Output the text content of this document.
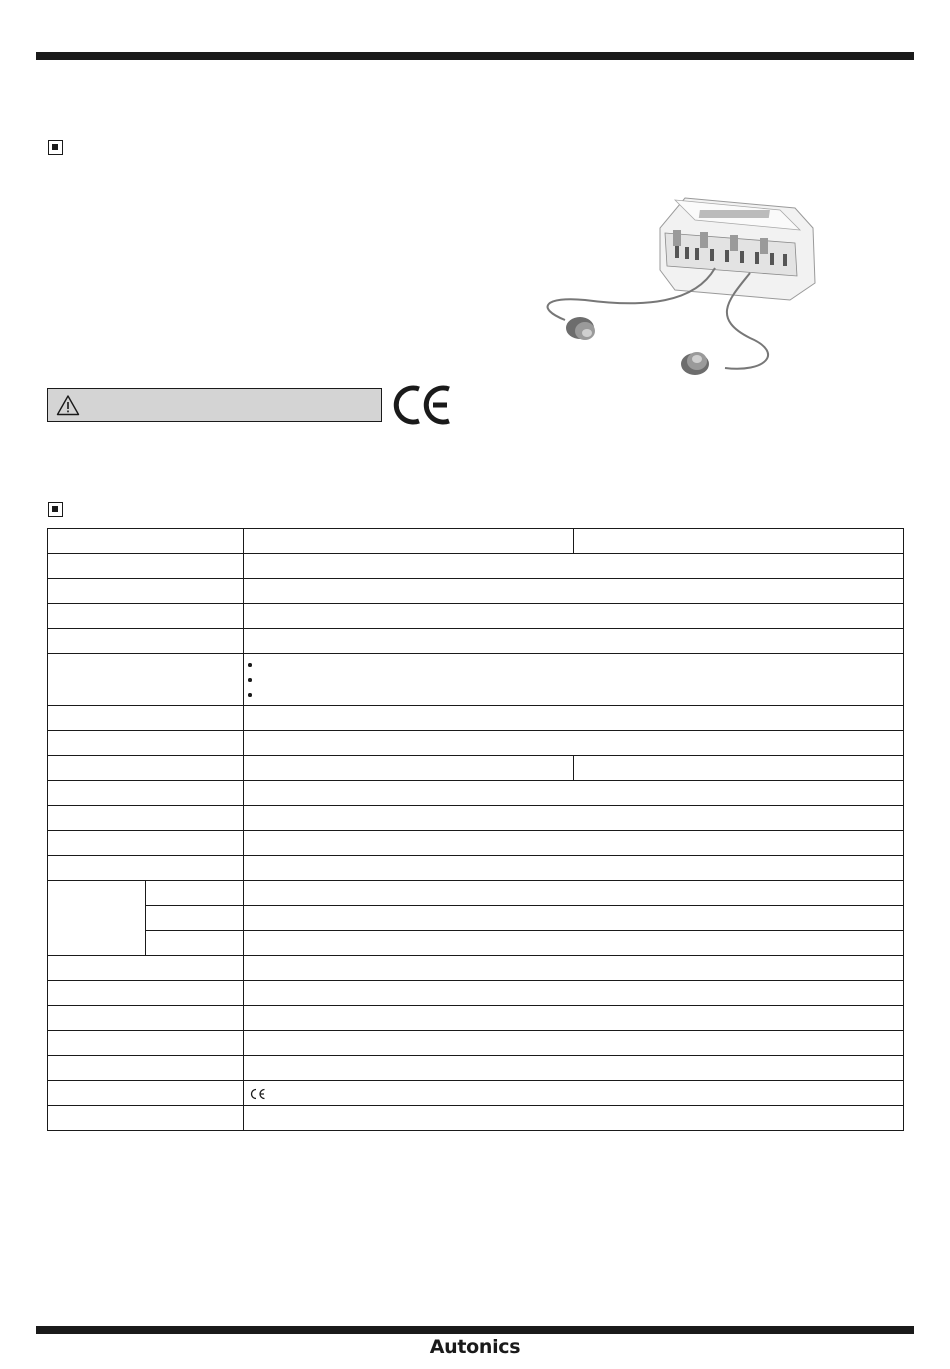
Autonics
